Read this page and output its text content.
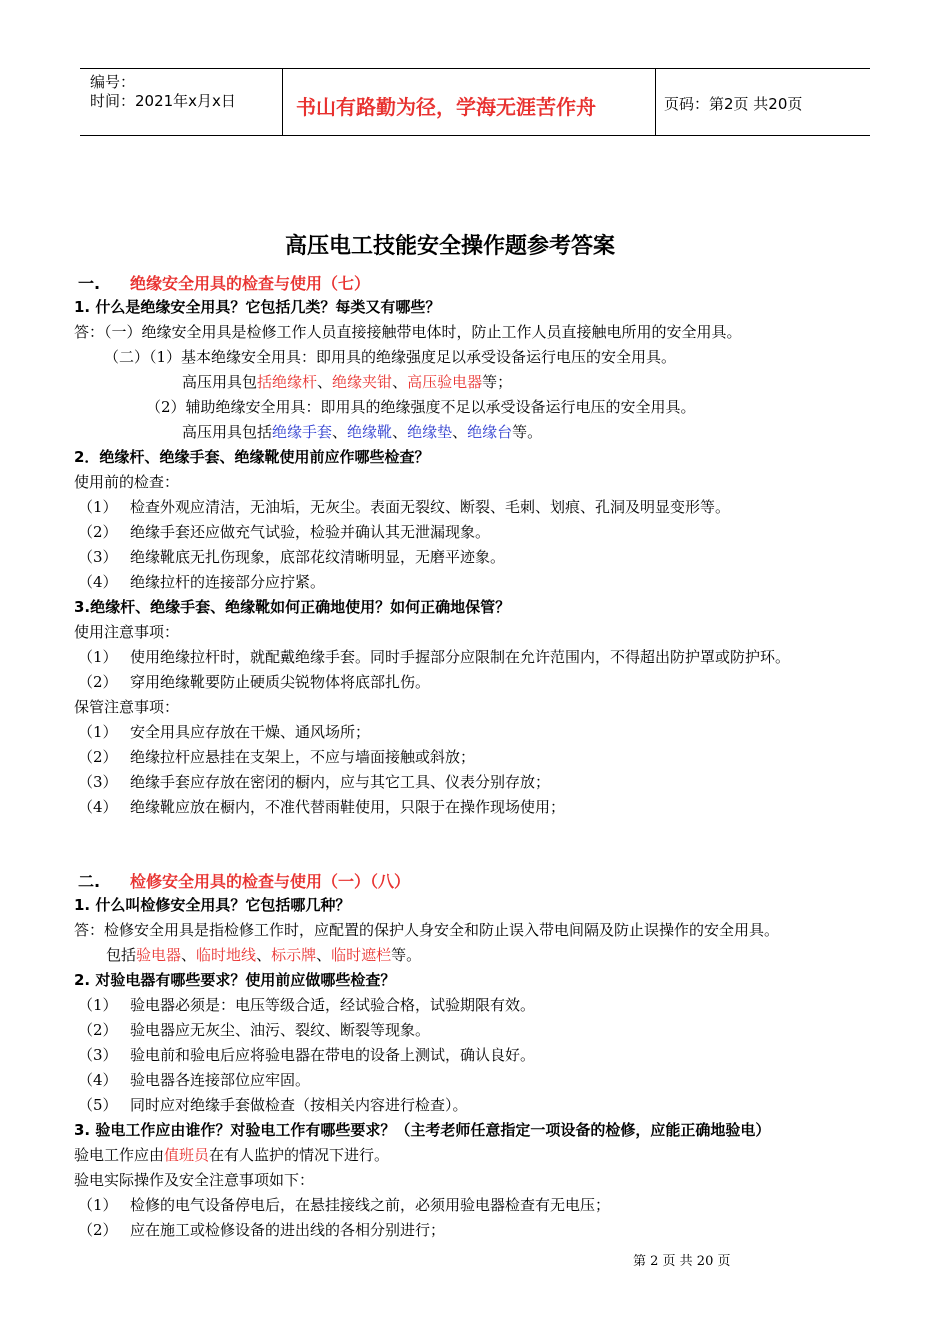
编号：
时间：2021年x月x日	书山有路勤为径，学海无涯苦作舟	页码：第2页 共20页
高压电工技能安全操作题参考答案
一. 绝缘安全用具的检查与使用（七）
1. 什么是绝缘安全用具？它包括几类？每类又有哪些？
答：（一）绝缘安全用具是检修工作人员直接接触带电体时，防止工作人员直接触电所用的安全用具。
（二）（1）基本绝缘安全用具：即用具的绝缘强度足以承受设备运行电压的安全用具。
高压用具包括绝缘杆、绝缘夹钳、高压验电器等；
（2）辅助绝缘安全用具：即用具的绝缘强度不足以承受设备运行电压的安全用具。
高压用具包括绝缘手套、绝缘靴、绝缘垫、绝缘台等。
2．绝缘杆、绝缘手套、绝缘靴使用前应作哪些检查？
使用前的检查：
（1） 检查外观应清洁，无油垢，无灰尘。表面无裂纹、断裂、毛刺、划痕、孔洞及明显变形等。
（2） 绝缘手套还应做充气试验，检验并确认其无泄漏现象。
（3） 绝缘靴底无扎伤现象，底部花纹清晰明显，无磨平迹象。
（4） 绝缘拉杆的连接部分应拧紧。
3.绝缘杆、绝缘手套、绝缘靴如何正确地使用？如何正确地保管？
使用注意事项：
（1） 使用绝缘拉杆时，就配戴绝缘手套。同时手握部分应限制在允许范围内，不得超出防护罩或防护环。
（2） 穿用绝缘靴要防止硬质尖锐物体将底部扎伤。
保管注意事项：
（1） 安全用具应存放在干燥、通风场所；
（2） 绝缘拉杆应悬挂在支架上，不应与墙面接触或斜放；
（3） 绝缘手套应存放在密闭的橱内，应与其它工具、仪表分别存放；
（4） 绝缘靴应放在橱内，不准代替雨鞋使用，只限于在操作现场使用；
二. 检修安全用具的检查与使用（一）（八）
1. 什么叫检修安全用具？它包括哪几种？
答：检修安全用具是指检修工作时，应配置的保护人身安全和防止误入带电间隔及防止误操作的安全用具。
包括验电器、临时地线、标示牌、临时遮栏等。
2. 对验电器有哪些要求？使用前应做哪些检查？
（1） 验电器必须是：电压等级合适，经试验合格，试验期限有效。
（2） 验电器应无灰尘、油污、裂纹、断裂等现象。
（3） 验电前和验电后应将验电器在带电的设备上测试，确认良好。
（4） 验电器各连接部位应牢固。
（5） 同时应对绝缘手套做检查（按相关内容进行检查）。
3. 验电工作应由谁作？对验电工作有哪些要求？（主考老师任意指定一项设备的检修，应能正确地验电）
验电工作应由值班员在有人监护的情况下进行。
验电实际操作及安全注意事项如下：
（1） 检修的电气设备停电后，在悬挂接线之前，必须用验电器检查有无电压；
（2） 应在施工或检修设备的进出线的各相分别进行；
第 2 页 共 20 页
